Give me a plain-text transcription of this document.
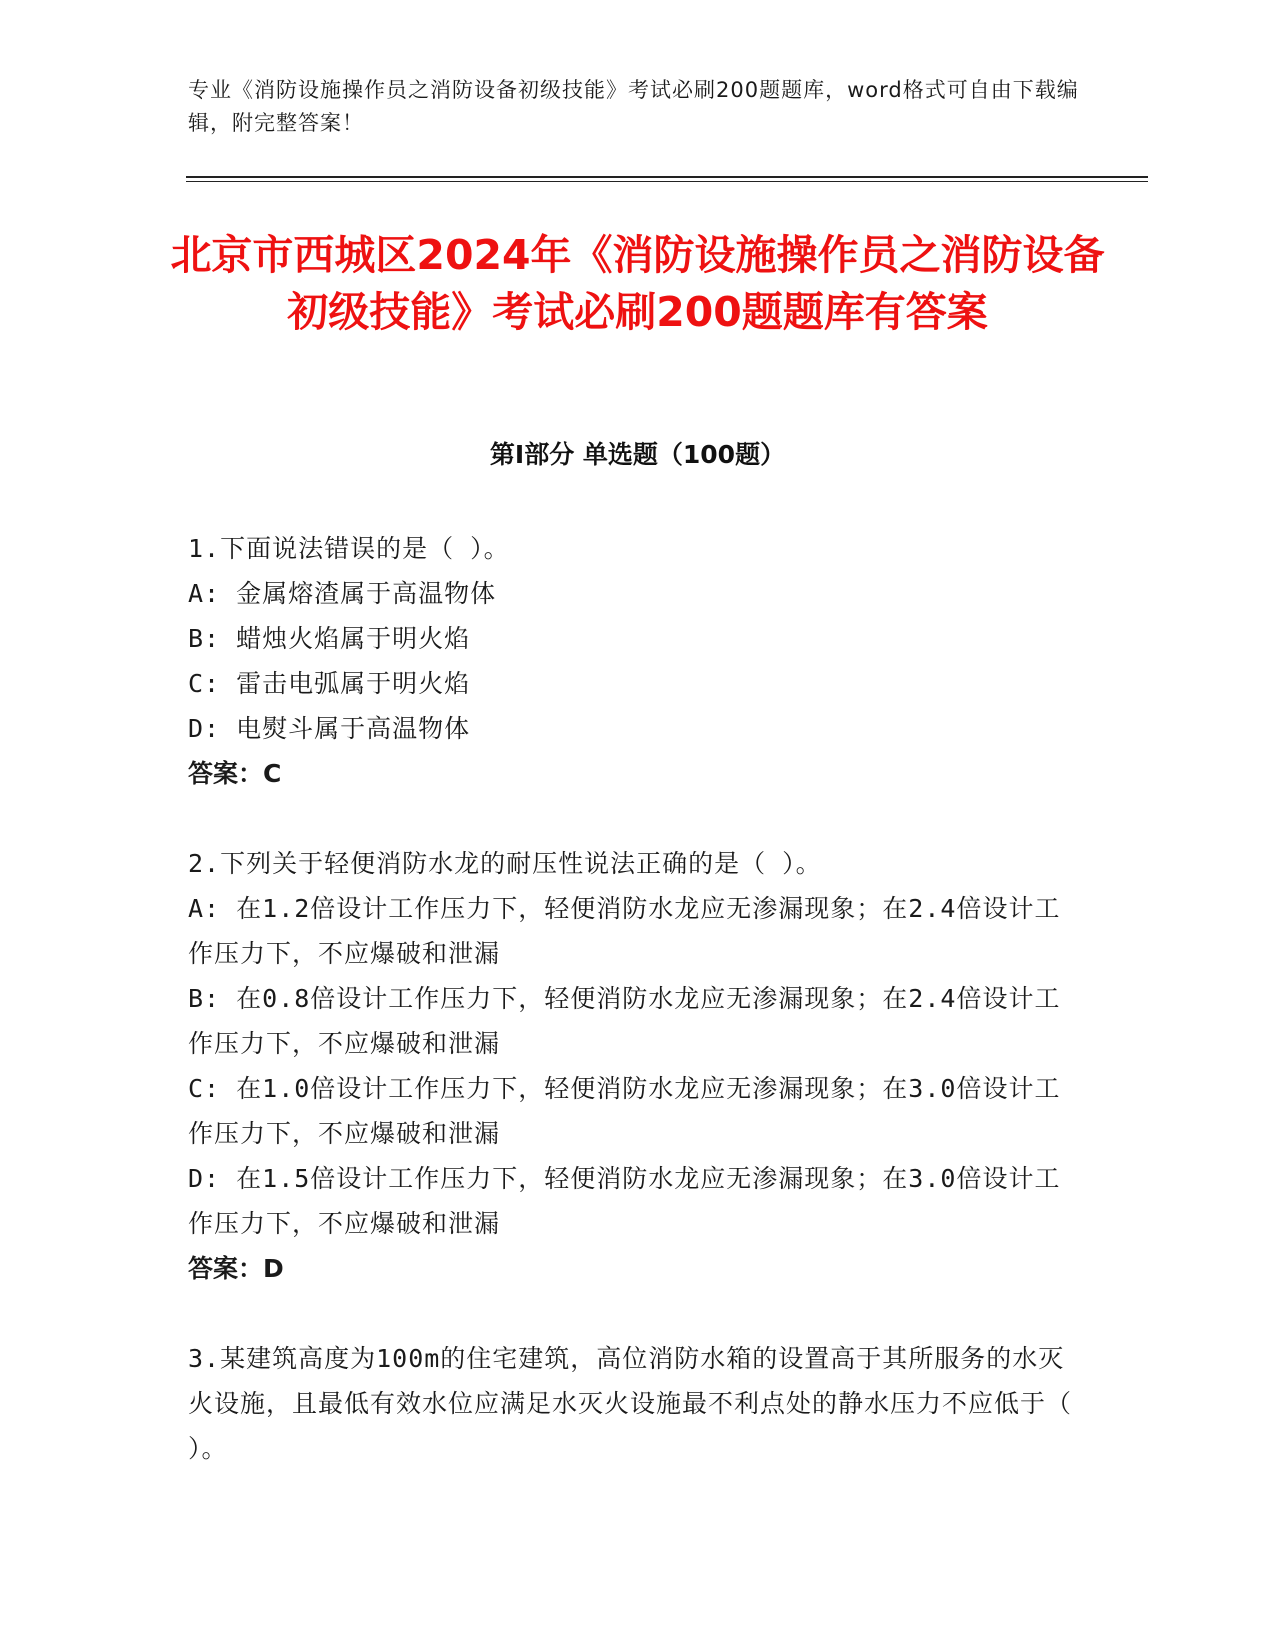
专业《消防设施操作员之消防设备初级技能》考试必刷200题题库，word格式可自由下载编辑，附完整答案！
北京市西城区2024年《消防设施操作员之消防设备初级技能》考试必刷200题题库有答案
第Ⅰ部分 单选题（100题）
1.下面说法错误的是（ ）。
A: 金属熔渣属于高温物体
B: 蜡烛火焰属于明火焰
C: 雷击电弧属于明火焰
D: 电熨斗属于高温物体
答案：C
2.下列关于轻便消防水龙的耐压性说法正确的是（ ）。
A: 在1.2倍设计工作压力下，轻便消防水龙应无渗漏现象；在2.4倍设计工作压力下，不应爆破和泄漏
B: 在0.8倍设计工作压力下，轻便消防水龙应无渗漏现象；在2.4倍设计工作压力下，不应爆破和泄漏
C: 在1.0倍设计工作压力下，轻便消防水龙应无渗漏现象；在3.0倍设计工作压力下，不应爆破和泄漏
D: 在1.5倍设计工作压力下，轻便消防水龙应无渗漏现象；在3.0倍设计工作压力下，不应爆破和泄漏
答案：D
3.某建筑高度为100m的住宅建筑，高位消防水箱的设置高于其所服务的水灭火设施，且最低有效水位应满足水灭火设施最不利点处的静水压力不应低于（ ）。
